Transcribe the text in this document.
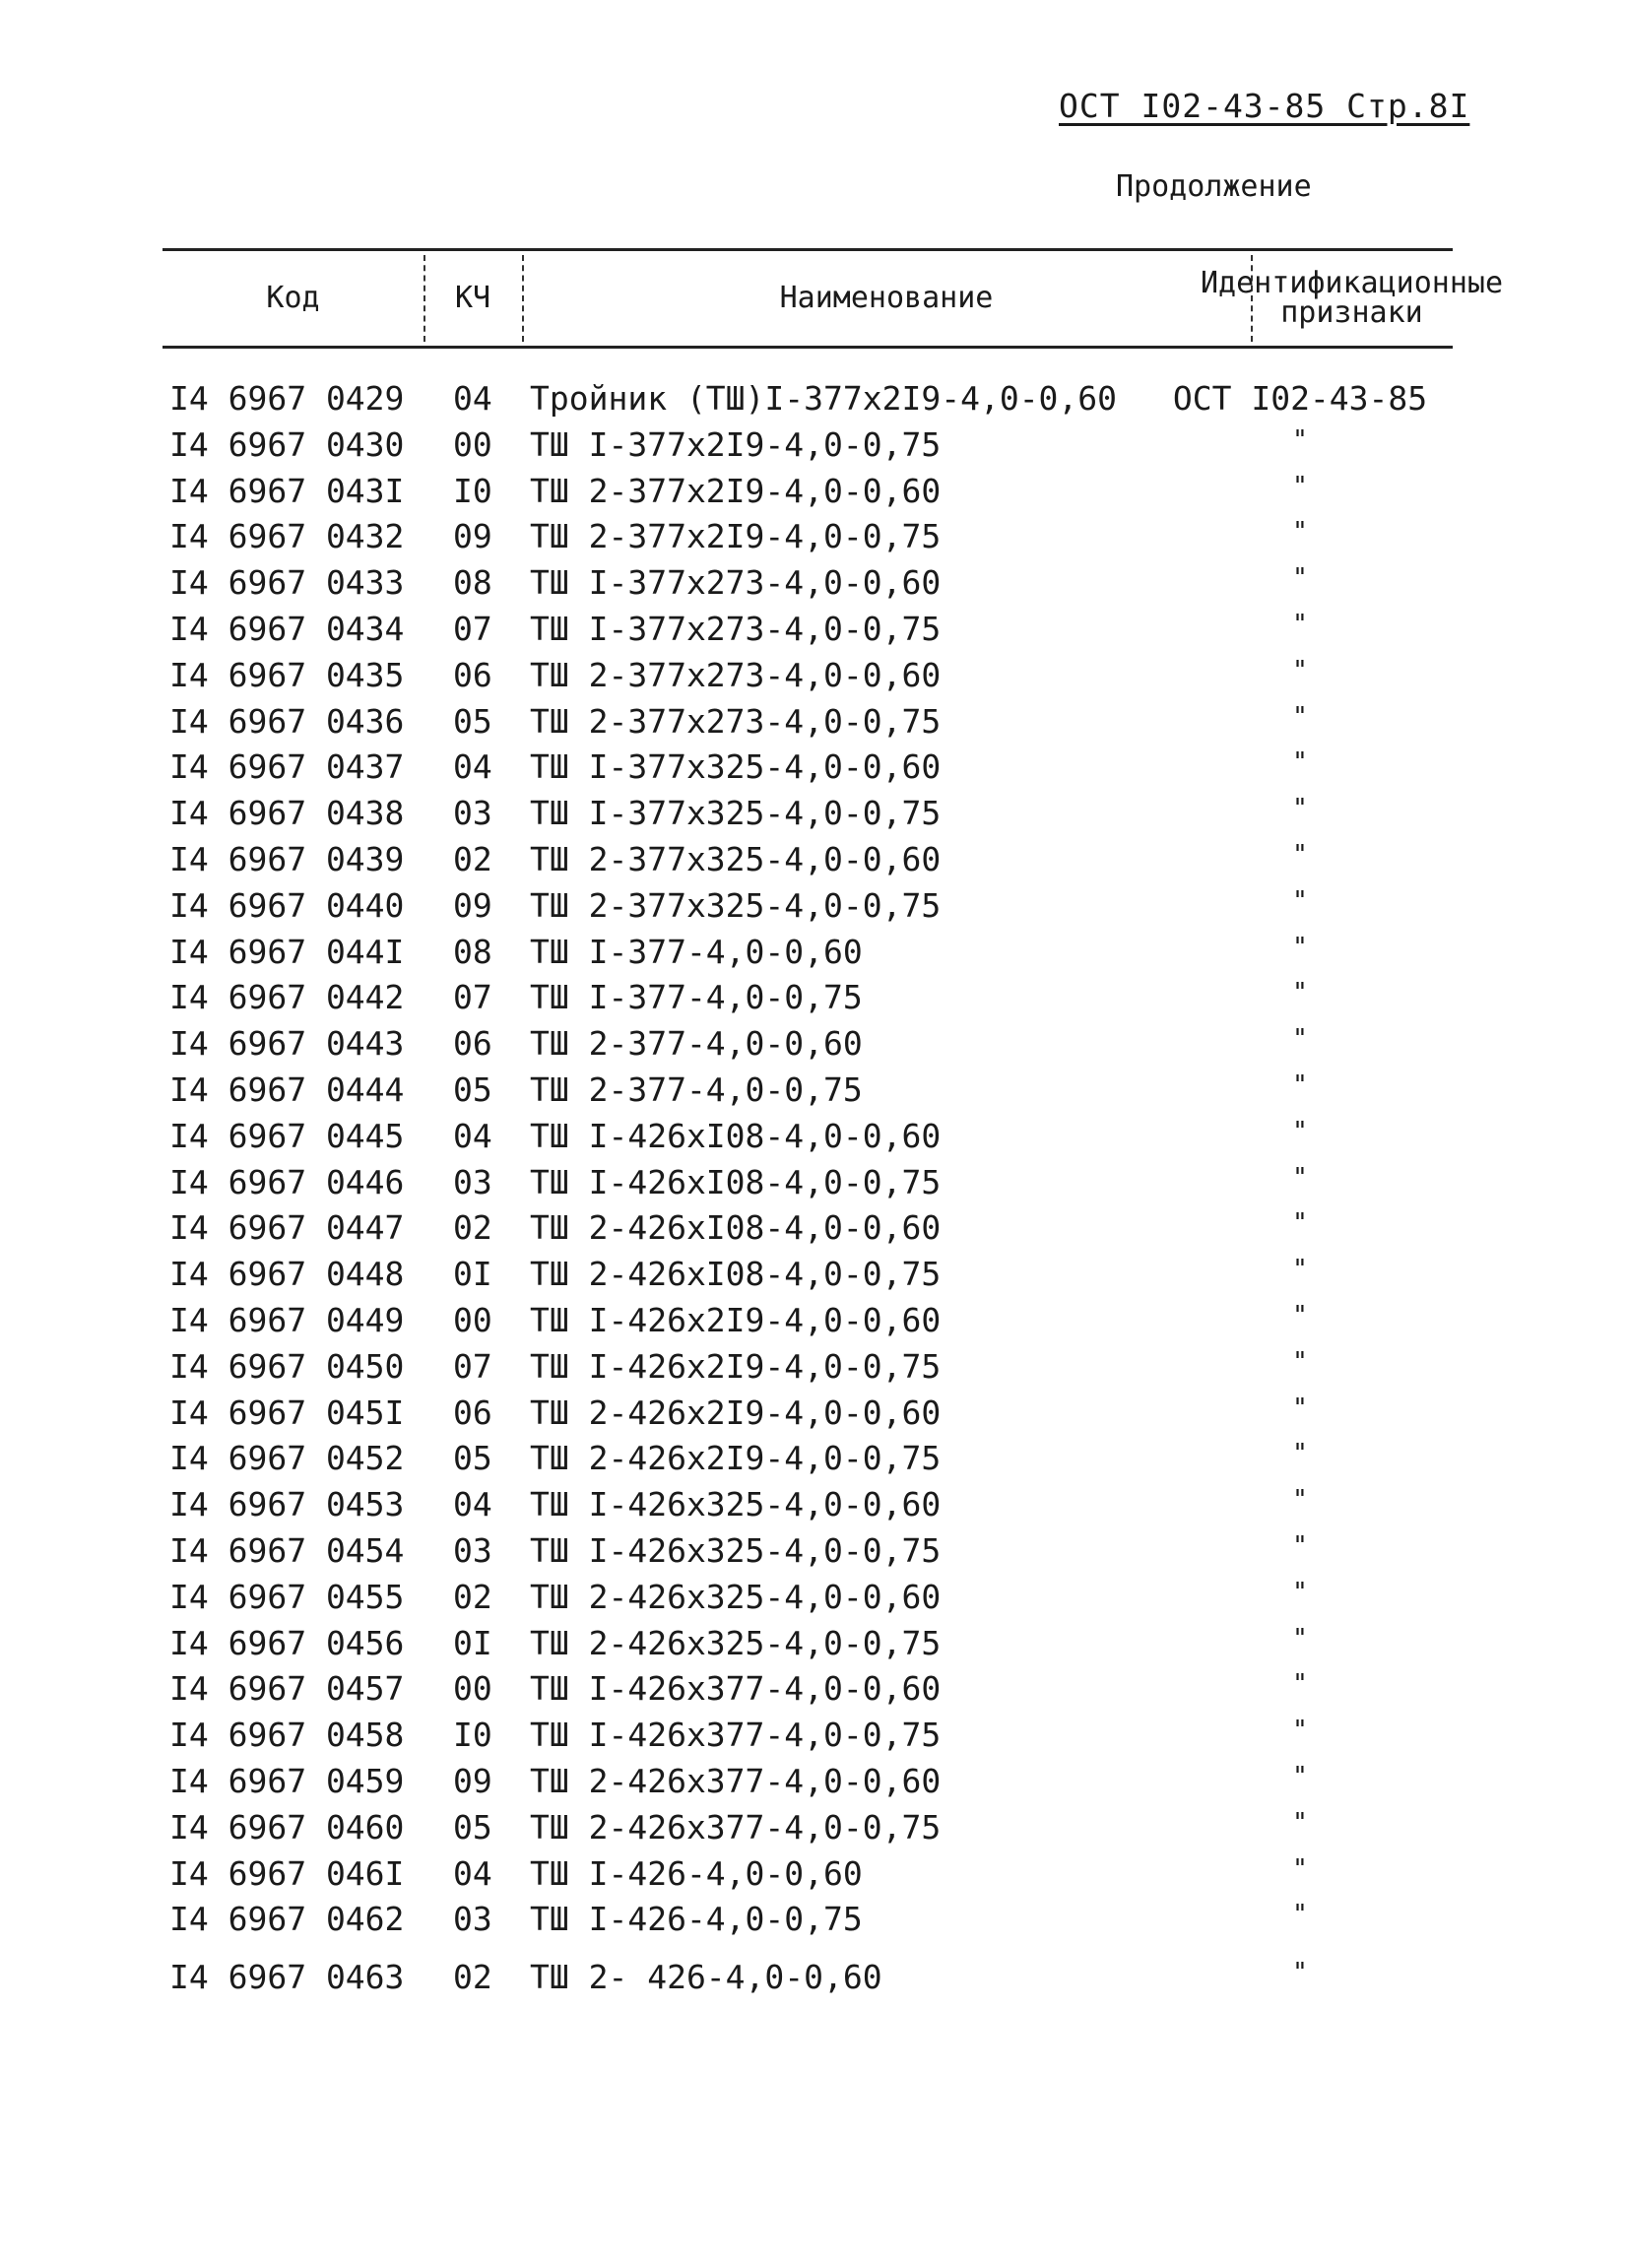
ОСТ I02-43-85 Стр.8I
Продолжение
Код	КЧ	Наименование	Идентификационные
признаки
I4 6967 0429 04 Тройник (ТШ)I-377x2I9-4,0-0,60	ОСТ I02-43-85
I4 6967 0430 00 ТШ I-377x2I9-4,0-0,75	"
I4 6967 043I I0 ТШ 2-377x2I9-4,0-0,60	"
I4 6967 0432 09 ТШ 2-377x2I9-4,0-0,75	"
I4 6967 0433 08 ТШ I-377x273-4,0-0,60	"
I4 6967 0434 07 ТШ I-377x273-4,0-0,75	"
I4 6967 0435 06 ТШ 2-377x273-4,0-0,60	"
I4 6967 0436 05 ТШ 2-377x273-4,0-0,75	"
I4 6967 0437 04 ТШ I-377x325-4,0-0,60	"
I4 6967 0438 03 ТШ I-377x325-4,0-0,75	"
I4 6967 0439 02 ТШ 2-377x325-4,0-0,60	"
I4 6967 0440 09 ТШ 2-377x325-4,0-0,75	"
I4 6967 044I 08 ТШ I-377-4,0-0,60	"
I4 6967 0442 07 ТШ I-377-4,0-0,75	"
I4 6967 0443 06 ТШ 2-377-4,0-0,60	"
I4 6967 0444 05 ТШ 2-377-4,0-0,75	"
I4 6967 0445 04 ТШ I-426xI08-4,0-0,60	"
I4 6967 0446 03 ТШ I-426xI08-4,0-0,75	"
I4 6967 0447 02 ТШ 2-426xI08-4,0-0,60	"
I4 6967 0448 0I ТШ 2-426xI08-4,0-0,75	"
I4 6967 0449 00 ТШ I-426x2I9-4,0-0,60	"
I4 6967 0450 07 ТШ I-426x2I9-4,0-0,75	"
I4 6967 045I 06 ТШ 2-426x2I9-4,0-0,60	"
I4 6967 0452 05 ТШ 2-426x2I9-4,0-0,75	"
I4 6967 0453 04 ТШ I-426x325-4,0-0,60	"
I4 6967 0454 03 ТШ I-426x325-4,0-0,75	"
I4 6967 0455 02 ТШ 2-426x325-4,0-0,60	"
I4 6967 0456 0I ТШ 2-426x325-4,0-0,75	"
I4 6967 0457 00 ТШ I-426x377-4,0-0,60	"
I4 6967 0458 I0 ТШ I-426x377-4,0-0,75	"
I4 6967 0459 09 ТШ 2-426x377-4,0-0,60	"
I4 6967 0460 05 ТШ 2-426x377-4,0-0,75	"
I4 6967 046I 04 ТШ I-426-4,0-0,60	"
I4 6967 0462 03 ТШ I-426-4,0-0,75	"
I4 6967 0463 02 ТШ 2- 426-4,0-0,60	"
